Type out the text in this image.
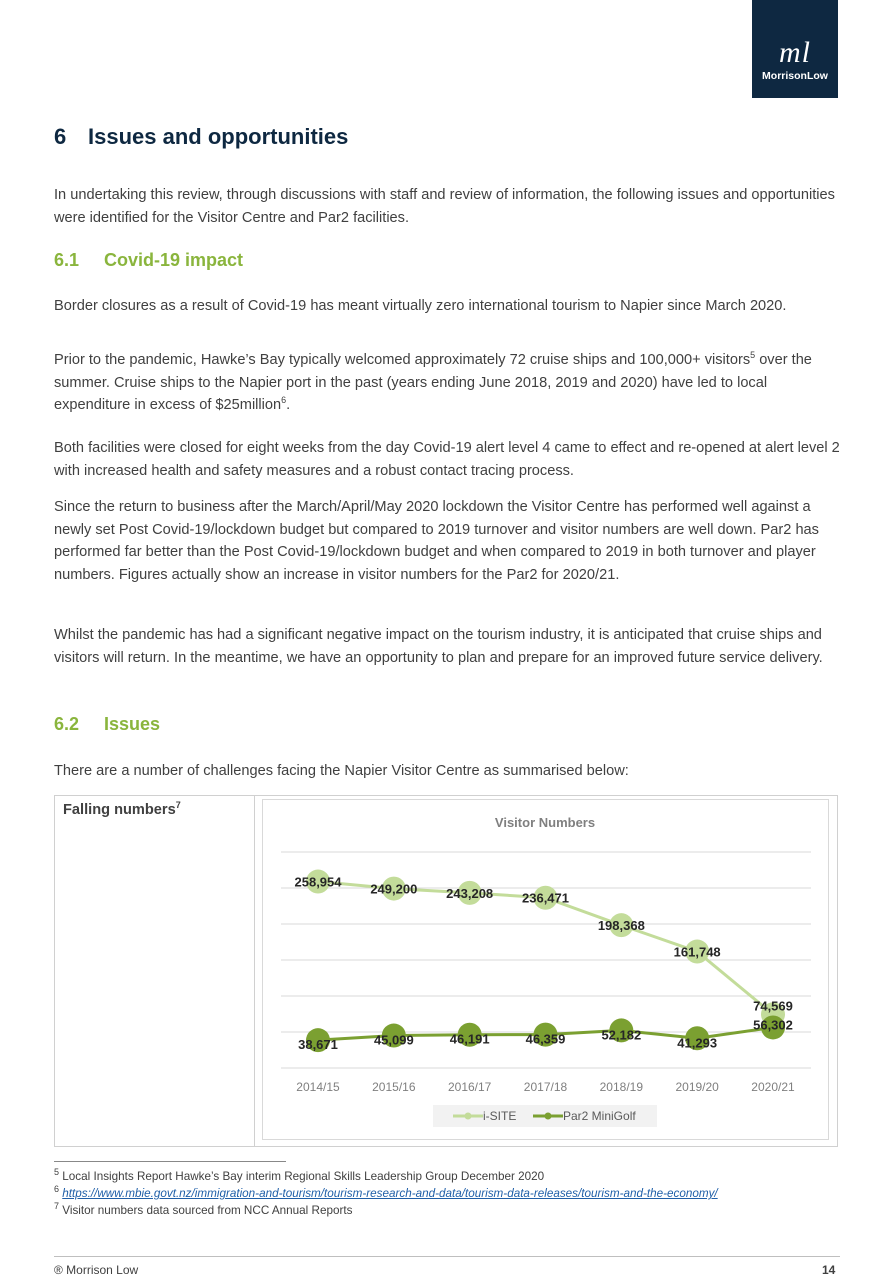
ml
MorrisonLow
6 Issues and opportunities
In undertaking this review, through discussions with staff and review of information, the following issues and opportunities were identified for the Visitor Centre and Par2 facilities.
6.1 Covid-19 impact
Border closures as a result of Covid-19 has meant virtually zero international tourism to Napier since March 2020.
Prior to the pandemic, Hawke’s Bay typically welcomed approximately 72 cruise ships and 100,000+ visitors$^5$ over the summer. Cruise ships to the Napier port in the past (years ending June 2018, 2019 and 2020) have led to local expenditure in excess of $25million$^6$.
Both facilities were closed for eight weeks from the day Covid-19 alert level 4 came to effect and re-opened at alert level 2 with increased health and safety measures and a robust contact tracing process.
Since the return to business after the March/April/May 2020 lockdown the Visitor Centre has performed well against a newly set Post Covid-19/lockdown budget but compared to 2019 turnover and visitor numbers are well down. Par2 has performed far better than the Post Covid-19/lockdown budget and when compared to 2019 in both turnover and player numbers. Figures actually show an increase in visitor numbers for the Par2 for 2020/21.
Whilst the pandemic has had a significant negative impact on the tourism industry, it is anticipated that cruise ships and visitors will return. In the meantime, we have an opportunity to plan and prepare for an improved future service delivery.
6.2 Issues
There are a number of challenges facing the Napier Visitor Centre as summarised below:
Falling numbers$^7$
Visitor Numbers
2014/15	2015/16	2016/17	2017/18	2018/19	2019/20	2020/21
258,954 249,200 243,208 236,471
198,368
161,748
74,569
38,671	45,099	46,191	46,359	52,182
41,293
56,302
i-SITE	Par2 MiniGolf
$^5$ Local Insights Report Hawke’s Bay interim Regional Skills Leadership Group December 2020
$^6$ https://www.mbie.govt.nz/immigration-and-tourism/tourism-research-and-data/tourism-data-releases/tourism-and-the-economy/
$^7$ Visitor numbers data sourced from NCC Annual Reports
® Morrison Low	14
